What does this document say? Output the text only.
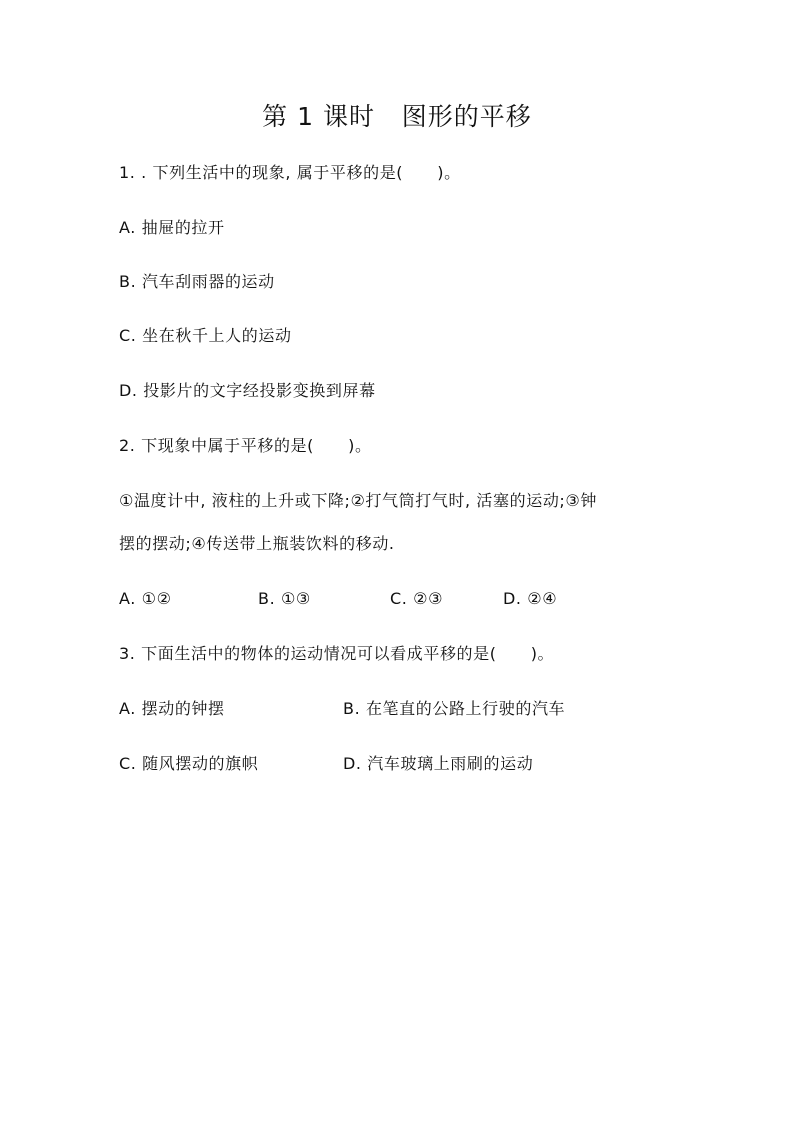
第 1 课时   图形的平移
1. . 下列生活中的现象, 属于平移的是(      )。
A. 抽屉的拉开
B. 汽车刮雨器的运动
C. 坐在秋千上人的运动
D. 投影片的文字经投影变换到屏幕
2. 下现象中属于平移的是(      )。
①温度计中, 液柱的上升或下降;②打气筒打气时, 活塞的运动;③钟
摆的摆动;④传送带上瓶装饮料的移动.
A. ①②	B. ①③	C. ②③	D. ②④
3. 下面生活中的物体的运动情况可以看成平移的是(      )。
A. 摆动的钟摆	B. 在笔直的公路上行驶的汽车
C. 随风摆动的旗帜	D. 汽车玻璃上雨刷的运动
